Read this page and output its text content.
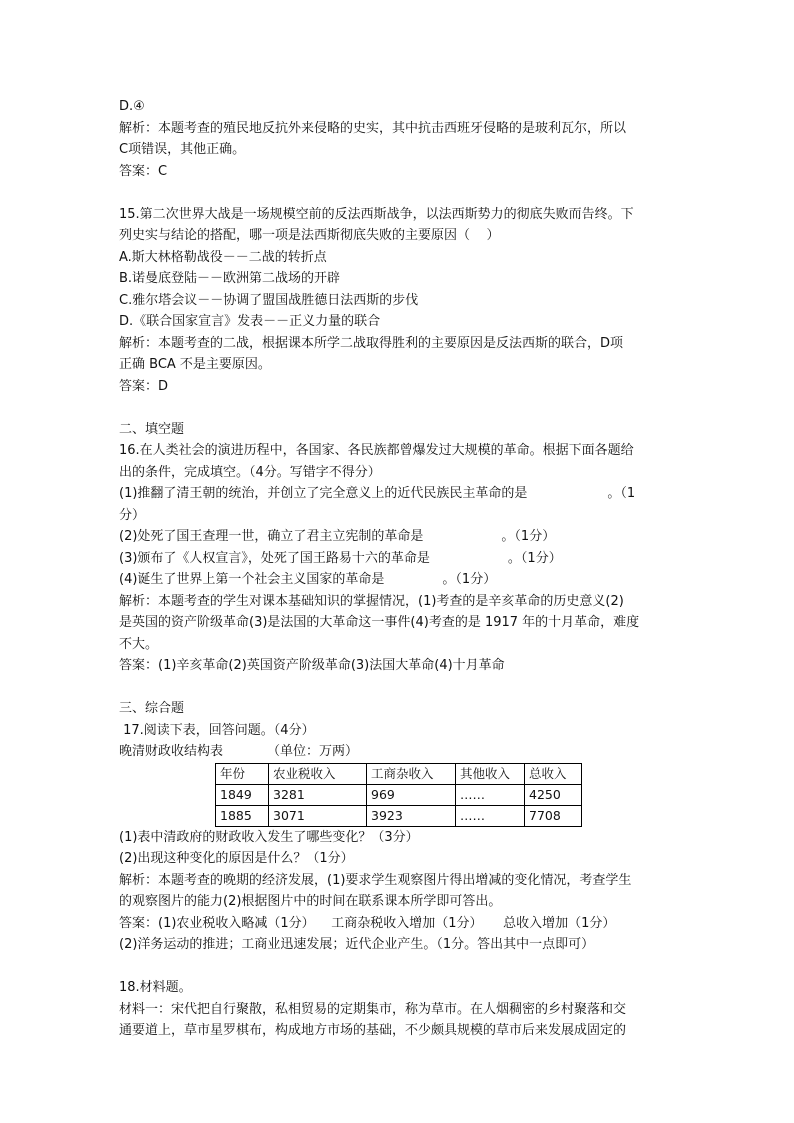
D.④

解析：本题考查的殖民地反抗外来侵略的史实，其中抗击西班牙侵略的是玻利瓦尔，所以

C项错误，其他正确。

答案：C

15.第二次世界大战是一场规模空前的反法西斯战争，以法西斯势力的彻底失败而告终。下

列史实与结论的搭配，哪一项是法西斯彻底失败的主要原因（    ）

A.斯大林格勒战役－－二战的转折点

B.诺曼底登陆－－欧洲第二战场的开辟

C.雅尔塔会议－－协调了盟国战胜德日法西斯的步伐

D.《联合国家宣言》发表－－正义力量的联合

解析：本题考查的二战，根据课本所学二战取得胜利的主要原因是反法西斯的联合，D项

正确 BCA 不是主要原因。

答案：D

二、填空题

16.在人类社会的演进历程中，各国家、各民族都曾爆发过大规模的革命。根据下面各题给

出的条件，完成填空。（4分。写错字不得分）

(1)推翻了清王朝的统治，并创立了完全意义上的近代民族民主革命的是	。（1

分）

(2)处死了国王查理一世，确立了君主立宪制的革命是	。（1分）

(3)颁布了《人权宣言》，处死了国王路易十六的革命是	。（1分）

(4)诞生了世界上第一个社会主义国家的革命是	。（1分）

解析：本题考查的学生对课本基础知识的掌握情况，(1)考查的是辛亥革命的历史意义(2)

是英国的资产阶级革命(3)是法国的大革命这一事件(4)考查的是 1917 年的十月革命，难度

不大。

答案：(1)辛亥革命(2)英国资产阶级革命(3)法国大革命(4)十月革命

三、综合题

17.阅读下表，回答问题。（4分）

晚清财政收结构表	（单位：万两）

年份	农业税收入	工商杂收入	其他收入	总收入
1849	3281	969	……	4250
1885	3071	3923	……	7708

(1)表中清政府的财政收入发生了哪些变化？（3分）

(2)出现这种变化的原因是什么？（1分）

解析：本题考查的晚期的经济发展，(1)要求学生观察图片得出增减的变化情况，考查学生

的观察图片的能力(2)根据图片中的时间在联系课本所学即可答出。

答案：(1)农业税收入略减（1分）    工商杂税收入增加（1分）     总收入增加（1分）

(2)洋务运动的推进；工商业迅速发展；近代企业产生。（1分。答出其中一点即可）

18.材料题。

材料一：宋代把自行聚散，私相贸易的定期集市，称为草市。在人烟稠密的乡村聚落和交

通要道上，草市星罗棋布，构成地方市场的基础，不少颇具规模的草市后来发展成固定的
